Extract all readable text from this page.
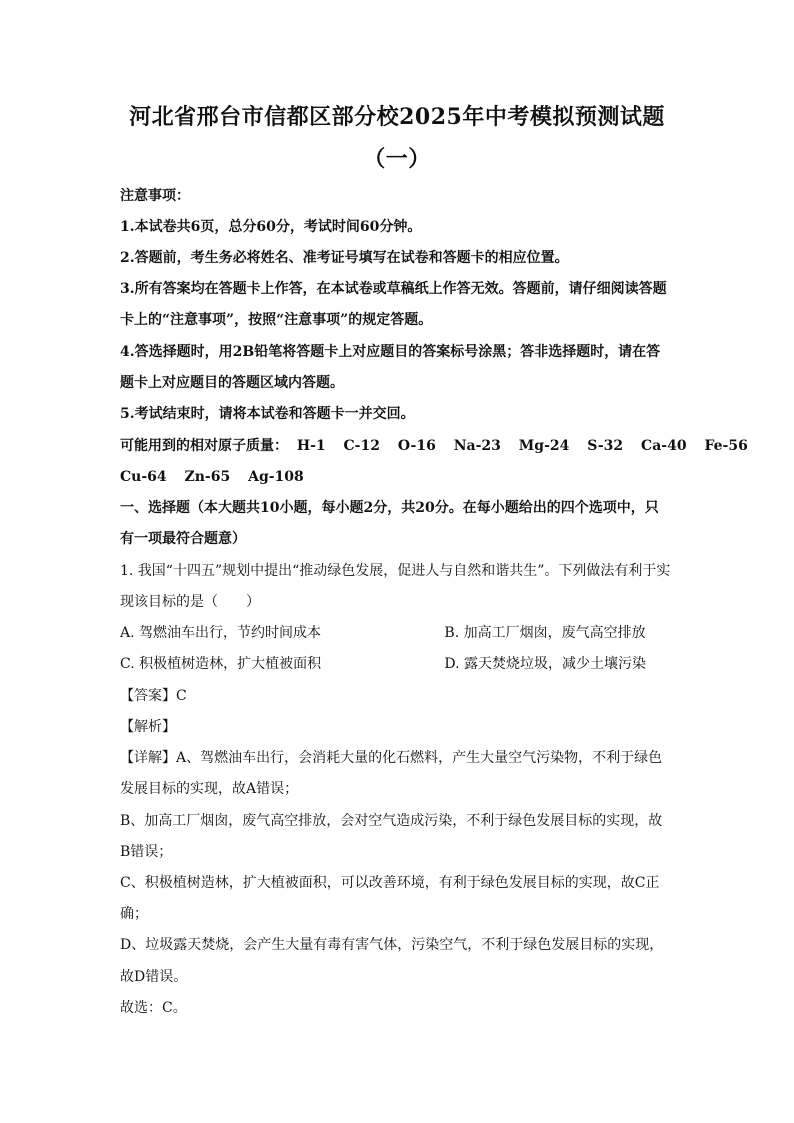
河北省邢台市信都区部分校2025年中考模拟预测试题
（一）
注意事项：
1.本试卷共6页，总分60分，考试时间60分钟。
2.答题前，考生务必将姓名、准考证号填写在试卷和答题卡的相应位置。
3.所有答案均在答题卡上作答，在本试卷或草稿纸上作答无效。答题前，请仔细阅读答题
卡上的“注意事项”，按照“注意事项”的规定答题。
4.答选择题时，用2B铅笔将答题卡上对应题目的答案标号涂黑；答非选择题时，请在答
题卡上对应题目的答题区域内答题。
5.考试结束时，请将本试卷和答题卡一并交回。
可能用到的相对原子质量： H-1 C-12 O-16 Na-23 Mg-24 S-32 Ca-40 Fe-56
Cu-64 Zn-65 Ag-108
一、选择题（本大题共10小题，每小题2分，共20分。在每小题给出的四个选项中，只
有一项最符合题意）
1. 我国“十四五”规划中提出“推动绿色发展，促进人与自然和谐共生”。下列做法有利于实
现该目标的是（　　）
A. 驾燃油车出行，节约时间成本	B. 加高工厂烟囱，废气高空排放
C. 积极植树造林，扩大植被面积	D. 露天焚烧垃圾，减少土壤污染
【答案】C
【解析】
【详解】A、驾燃油车出行，会消耗大量的化石燃料，产生大量空气污染物，不利于绿色
发展目标的实现，故A错误；
B、加高工厂烟囱，废气高空排放，会对空气造成污染，不利于绿色发展目标的实现，故
B错误；
C、积极植树造林，扩大植被面积，可以改善环境，有利于绿色发展目标的实现，故C正
确；
D、垃圾露天焚烧，会产生大量有毒有害气体，污染空气，不利于绿色发展目标的实现，
故D错误。
故选：C。
